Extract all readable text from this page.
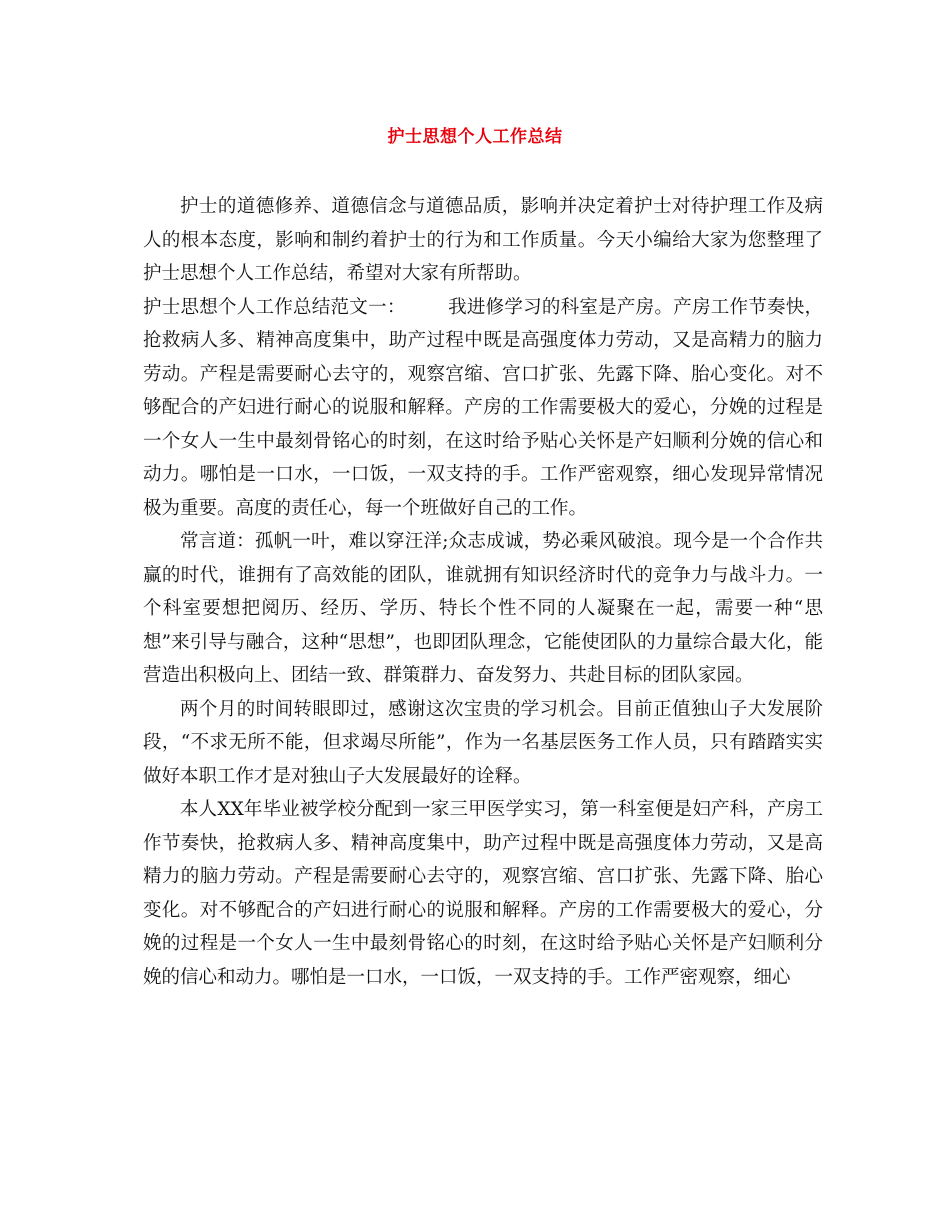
护士思想个人工作总结

护士的道德修养、道德信念与道德品质，影响并决定着护士对待护理工作及病人的根本态度，影响和制约着护士的行为和工作质量。今天小编给大家为您整理了护士思想个人工作总结，希望对大家有所帮助。

护士思想个人工作总结范文一： 我进修学习的科室是产房。产房工作节奏快，抢救病人多、精神高度集中，助产过程中既是高强度体力劳动，又是高精力的脑力劳动。产程是需要耐心去守的，观察宫缩、宫口扩张、先露下降、胎心变化。对不够配合的产妇进行耐心的说服和解释。产房的工作需要极大的爱心，分娩的过程是一个女人一生中最刻骨铭心的时刻，在这时给予贴心关怀是产妇顺利分娩的信心和动力。哪怕是一口水，一口饭，一双支持的手。工作严密观察，细心发现异常情况极为重要。高度的责任心，每一个班做好自己的工作。

常言道：孤帆一叶，难以穿汪洋;众志成诚，势必乘风破浪。现今是一个合作共赢的时代，谁拥有了高效能的团队，谁就拥有知识经济时代的竞争力与战斗力。一个科室要想把阅历、经历、学历、特长个性不同的人凝聚在一起，需要一种“思想”来引导与融合，这种“思想”，也即团队理念，它能使团队的力量综合最大化，能营造出积极向上、团结一致、群策群力、奋发努力、共赴目标的团队家园。

两个月的时间转眼即过，感谢这次宝贵的学习机会。目前正值独山子大发展阶段，“不求无所不能，但求竭尽所能”，作为一名基层医务工作人员，只有踏踏实实做好本职工作才是对独山子大发展最好的诠释。

本人XX年毕业被学校分配到一家三甲医学实习，第一科室便是妇产科，产房工作节奏快，抢救病人多、精神高度集中，助产过程中既是高强度体力劳动，又是高精力的脑力劳动。产程是需要耐心去守的，观察宫缩、宫口扩张、先露下降、胎心变化。对不够配合的产妇进行耐心的说服和解释。产房的工作需要极大的爱心，分娩的过程是一个女人一生中最刻骨铭心的时刻，在这时给予贴心关怀是产妇顺利分娩的信心和动力。哪怕是一口水，一口饭，一双支持的手。工作严密观察，细心
